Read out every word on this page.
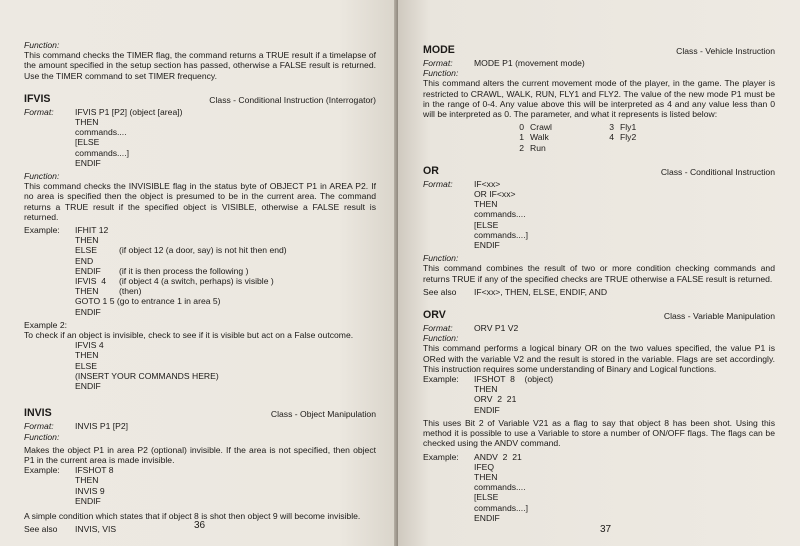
Function:

This command checks the TIMER flag, the command returns a TRUE result if a timelapse of the amount specified in the setup section has passed, otherwise a FALSE result is returned. Use the TIMER command to set TIMER frequency.

IFVIS	Class - Conditional Instruction (Interrogator)
Format:	IFVIS P1 [P2] (object [area])
THEN
commands....
[ELSE
commands....]
ENDIF
Function:

This command checks the INVISIBLE flag in the status byte of OBJECT P1 in AREA P2. If no area is specified then the object is presumed to be in the current area. The command returns a TRUE result if the specified object is VISIBLE, otherwise a FALSE result is returned.

Example:	IFHIT 12
THEN
ELSE	(if object 12 (a door, say) is not hit then end)
END
ENDIF	(if it is then process the following )
IFVIS  4	(if object 4 (a switch, perhaps) is visible )
THEN	(then)
GOTO 1 5 (go to entrance 1 in area 5)
ENDIF
Example 2:

To check if an object is invisible, check to see if it is visible but act on a False outcome.

IFVIS 4
THEN
ELSE
(INSERT YOUR COMMANDS HERE)
ENDIF
INVIS	Class - Object Manipulation
Format:	INVIS P1 [P2]
Function:

Makes the object P1 in area P2 (optional) invisible. If the area is not specified, then object P1 in the current area is made invisible.

Example:	IFSHOT 8
THEN
INVIS 9
ENDIF

A simple condition which states that if object 8 is shot then object 9 will become invisible.

See also	INVIS, VIS	36
MODE	Class - Vehicle Instruction
Format:	MODE P1 (movement mode)
Function:

This command alters the current movement mode of the player, in the game. The player is restricted to CRAWL, WALK, RUN, FLY1 and FLY2. The value of the new mode P1 must be in the range of 0-4. Any value above this will be interpreted as 4 and any value less than 0 will be interpreted as 0. The parameter, and what it represents is listed below:

0 Crawl
1 Walk
2 Run
3 Fly1
4 Fly2
OR	Class - Conditional Instruction
Format:	IF<xx>
OR IF<xx>
THEN
commands....
[ELSE
commands....]
ENDIF
Function:

This command combines the result of two or more condition checking commands and returns TRUE if any of the specified checks are TRUE otherwise a FALSE result is returned.

See also	IF<xx>, THEN, ELSE, ENDIF, AND
ORV	Class - Variable Manipulation
Format:	ORV P1 V2
Function:

This command performs a logical binary OR on the two values specified, the value P1 is ORed with the variable V2 and the result is stored in the variable. Flags are set accordingly. This instruction requires some understanding of Binary and Logical functions.

Example:	IFSHOT  8    (object)
THEN
ORV  2  21
ENDIF

This uses Bit 2 of Variable V21 as a flag to say that object 8 has been shot. Using this method it is possible to use a Variable to store a number of ON/OFF flags. The flags can be checked using the ANDV command.

Example:	ANDV  2  21
IFEQ
THEN
commands....
[ELSE
commands....]
ENDIF
37
